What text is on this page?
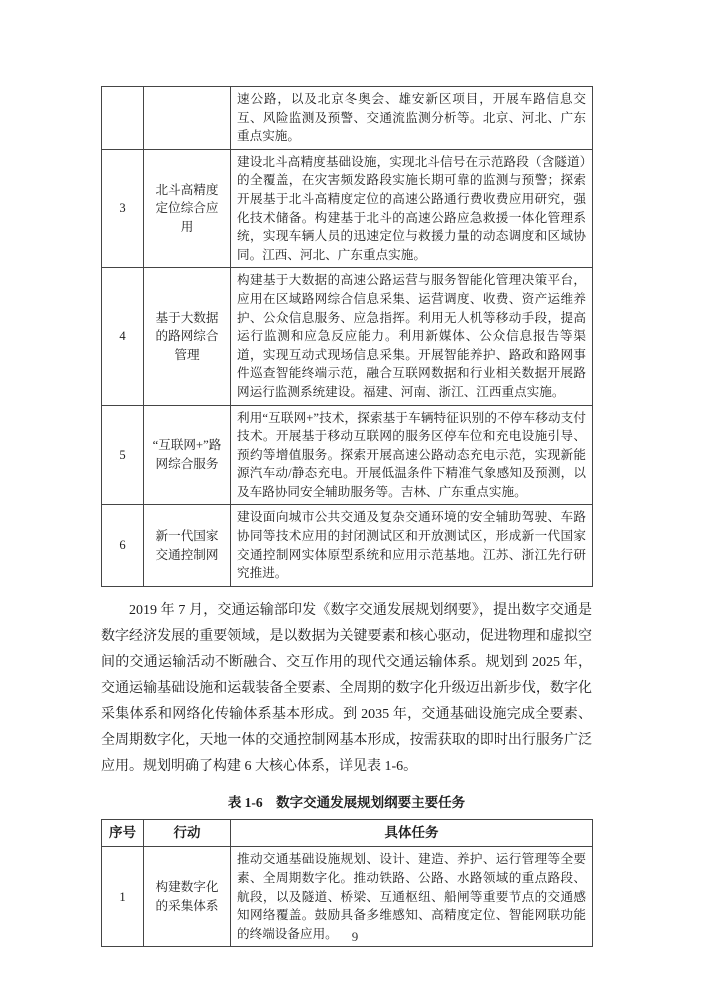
		速公路，以及北京冬奥会、雄安新区项目，开展车路信息交互、风险监测及预警、交通流监测分析等。北京、河北、广东重点实施。
3	北斗高精度定位综合应用	建设北斗高精度基础设施，实现北斗信号在示范路段（含隧道）的全覆盖，在灾害频发路段实施长期可靠的监测与预警；探索开展基于北斗高精度定位的高速公路通行费收费应用研究，强化技术储备。构建基于北斗的高速公路应急救援一体化管理系统，实现车辆人员的迅速定位与救援力量的动态调度和区域协同。江西、河北、广东重点实施。
4	基于大数据的路网综合管理	构建基于大数据的高速公路运营与服务智能化管理决策平台，应用在区域路网综合信息采集、运营调度、收费、资产运维养护、公众信息服务、应急指挥。利用无人机等移动手段，提高运行监测和应急反应能力。利用新媒体、公众信息报告等渠道，实现互动式现场信息采集。开展智能养护、路政和路网事件巡查智能终端示范，融合互联网数据和行业相关数据开展路网运行监测系统建设。福建、河南、浙江、江西重点实施。
5	“互联网+”路网综合服务	利用“互联网+”技术，探索基于车辆特征识别的不停车移动支付技术。开展基于移动互联网的服务区停车位和充电设施引导、预约等增值服务。探索开展高速公路动态充电示范，实现新能源汽车动/静态充电。开展低温条件下精准气象感知及预测，以及车路协同安全辅助服务等。吉林、广东重点实施。
6	新一代国家交通控制网	建设面向城市公共交通及复杂交通环境的安全辅助驾驶、车路协同等技术应用的封闭测试区和开放测试区，形成新一代国家交通控制网实体原型系统和应用示范基地。江苏、浙江先行研究推进。

2019 年 7 月，交通运输部印发《数字交通发展规划纲要》，提出数字交通是数字经济发展的重要领域，是以数据为关键要素和核心驱动，促进物理和虚拟空间的交通运输活动不断融合、交互作用的现代交通运输体系。规划到 2025 年，交通运输基础设施和运载装备全要素、全周期的数字化升级迈出新步伐，数字化采集体系和网络化传输体系基本形成。到 2035 年，交通基础设施完成全要素、全周期数字化，天地一体的交通控制网基本形成，按需获取的即时出行服务广泛应用。规划明确了构建 6 大核心体系，详见表 1-6。

表 1-6　数字交通发展规划纲要主要任务
序号	行动	具体任务
1	构建数字化的采集体系	推动交通基础设施规划、设计、建造、养护、运行管理等全要素、全周期数字化。推动铁路、公路、水路领域的重点路段、航段，以及隧道、桥梁、互通枢纽、船闸等重要节点的交通感知网络覆盖。鼓励具备多维感知、高精度定位、智能网联功能的终端设备应用。	9
